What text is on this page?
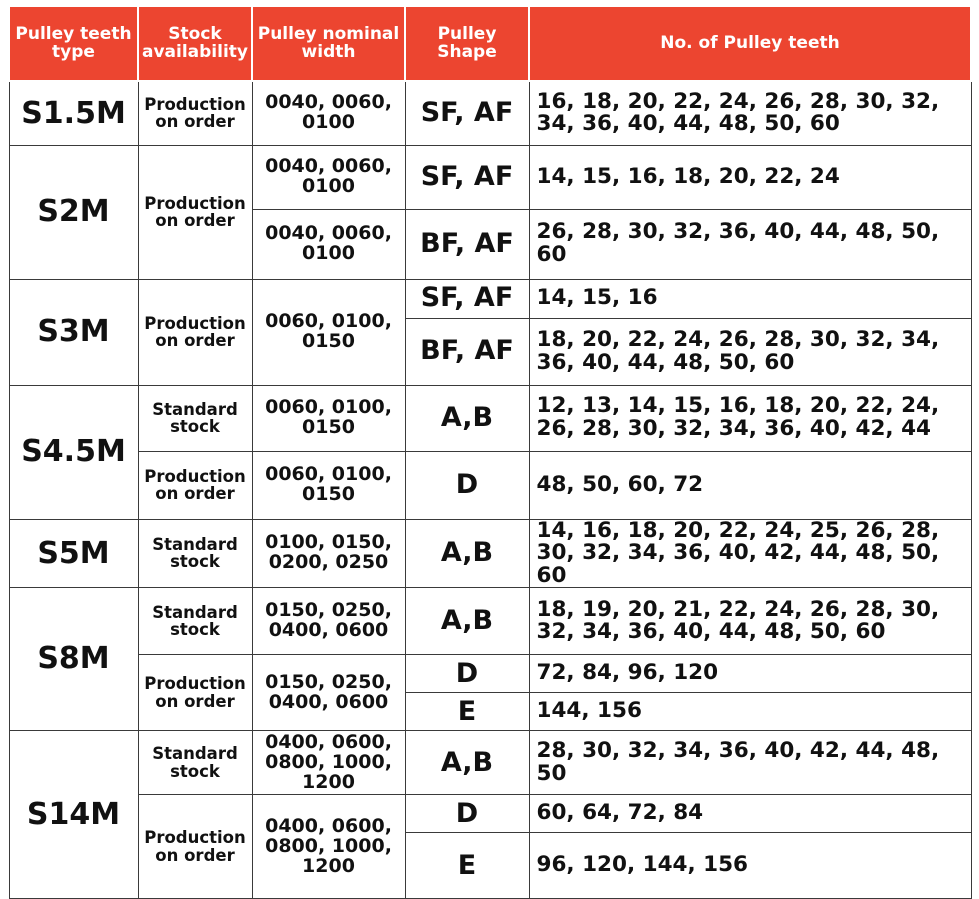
Pulley teeth type	Stock availability	Pulley nominal width	Pulley Shape	No. of Pulley teeth
S1.5M	Production on order	0040, 0060, 0100	SF, AF	16, 18, 20, 22, 24, 26, 28, 30, 32, 34, 36, 40, 44, 48, 50, 60
S2M	Production on order	0040, 0060, 0100	SF, AF	14, 15, 16, 18, 20, 22, 24
		0040, 0060, 0100	BF, AF	26, 28, 30, 32, 36, 40, 44, 48, 50, 60
S3M	Production on order	0060, 0100, 0150	SF, AF	14, 15, 16
			BF, AF	18, 20, 22, 24, 26, 28, 30, 32, 34, 36, 40, 44, 48, 50, 60
S4.5M	Standard stock	0060, 0100, 0150	A,B	12, 13, 14, 15, 16, 18, 20, 22, 24, 26, 28, 30, 32, 34, 36, 40, 42, 44
	Production on order	0060, 0100, 0150	D	48, 50, 60, 72
S5M	Standard stock	0100, 0150, 0200, 0250	A,B	14, 16, 18, 20, 22, 24, 25, 26, 28, 30, 32, 34, 36, 40, 42, 44, 48, 50, 60
S8M	Standard stock	0150, 0250, 0400, 0600	A,B	18, 19, 20, 21, 22, 24, 26, 28, 30, 32, 34, 36, 40, 44, 48, 50, 60
	Production on order	0150, 0250, 0400, 0600	D	72, 84, 96, 120
			E	144, 156
S14M	Standard stock	0400, 0600, 0800, 1000, 1200	A,B	28, 30, 32, 34, 36, 40, 42, 44, 48, 50
	Production on order	0400, 0600, 0800, 1000, 1200	D	60, 64, 72, 84
			E	96, 120, 144, 156
